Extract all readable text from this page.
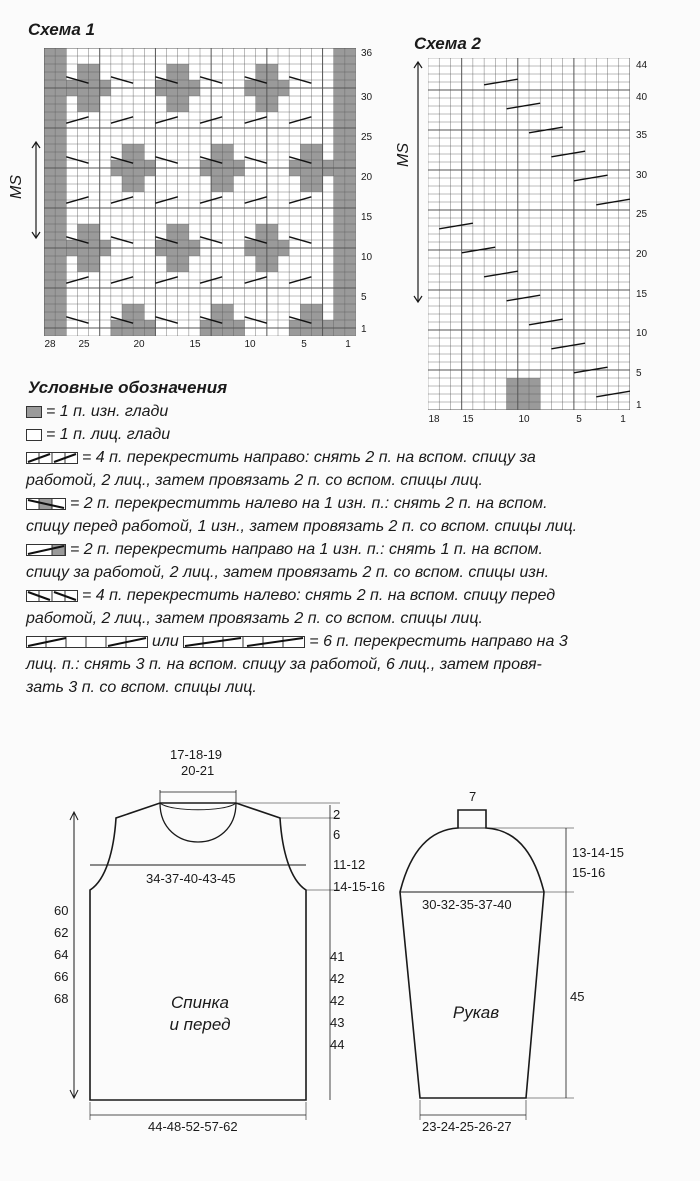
Схема 1
MS
1
5
10
15
20
25
30
36
28 25	20	15	10	5	1
Схема 2
MS
1
5
10
15
20
25
30
35
40
44
18 15	10	5	1
Условные обозначения
= 1 п. изн. глади
= 1 п. лиц. глади
= 4 п. перекрестить направо: снять 2 п. на вспом. спицу за
работой, 2 лиц., затем провязать 2 п. со вспом. спицы лиц.
= 2 п. перекреститть налево на 1 изн. п.: снять 2 п. на вспом.
спицу перед работой, 1 изн., затем провязать 2 п. со вспом. спицы лиц.
= 2 п. перекрестить направо на 1 изн. п.: снять 1 п. на вспом.
спицу за работой, 2 лиц., затем провязать 2 п. со вспом. спицы изн.
= 4 п. перекрестить налево: снять 2 п. на вспом. спицу перед
работой, 2 лиц., затем провязать 2 п. со вспом. спицы лиц.
или	= 6 п. перекрестить направо на 3
лиц. п.: снять 3 п. на вспом. спицу за работой, 6 лиц., затем провя-
зать 3 п. со вспом. спицы лиц.
17-18-19
20-21
2
6
34-37-40-43-45
11-12
14-15-16
60
62
64
66
68
41
42
42
43
44
Спинка
и перед
44-48-52-57-62
7
13-14-15
15-16
30-32-35-37-40
45
Рукав
23-24-25-26-27
